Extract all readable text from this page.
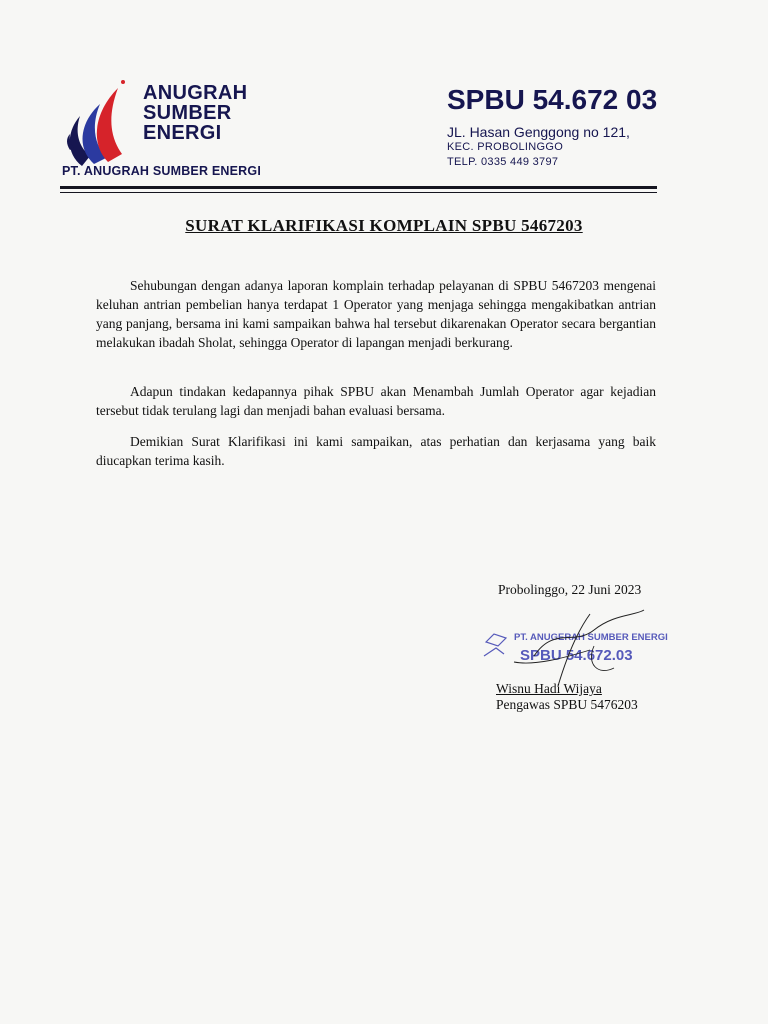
ANUGRAH
SUMBER
ENERGI
PT. ANUGRAH SUMBER ENERGI
SPBU 54.672 03
JL. Hasan Genggong no 121,
KEC. PROBOLINGGO
TELP. 0335 449 3797
SURAT KLARIFIKASI KOMPLAIN SPBU 5467203

Sehubungan dengan adanya laporan komplain terhadap pelayanan di SPBU 5467203 mengenai keluhan antrian pembelian hanya terdapat 1 Operator yang menjaga sehingga mengakibatkan antrian yang panjang, bersama ini kami sampaikan bahwa hal tersebut dikarenakan Operator secara bergantian melakukan ibadah Sholat, sehingga Operator di lapangan menjadi berkurang.

Adapun tindakan kedapannya pihak SPBU akan Menambah Jumlah Operator agar kejadian tersebut tidak terulang lagi dan menjadi bahan evaluasi bersama.

Demikian Surat Klarifikasi ini kami sampaikan, atas perhatian dan kerjasama yang baik diucapkan terima kasih.

Probolinggo, 22 Juni 2023
PT. ANUGERAH SUMBER ENERGI
SPBU 54.672.03
Wisnu Hadi Wijaya
Pengawas SPBU 5476203
